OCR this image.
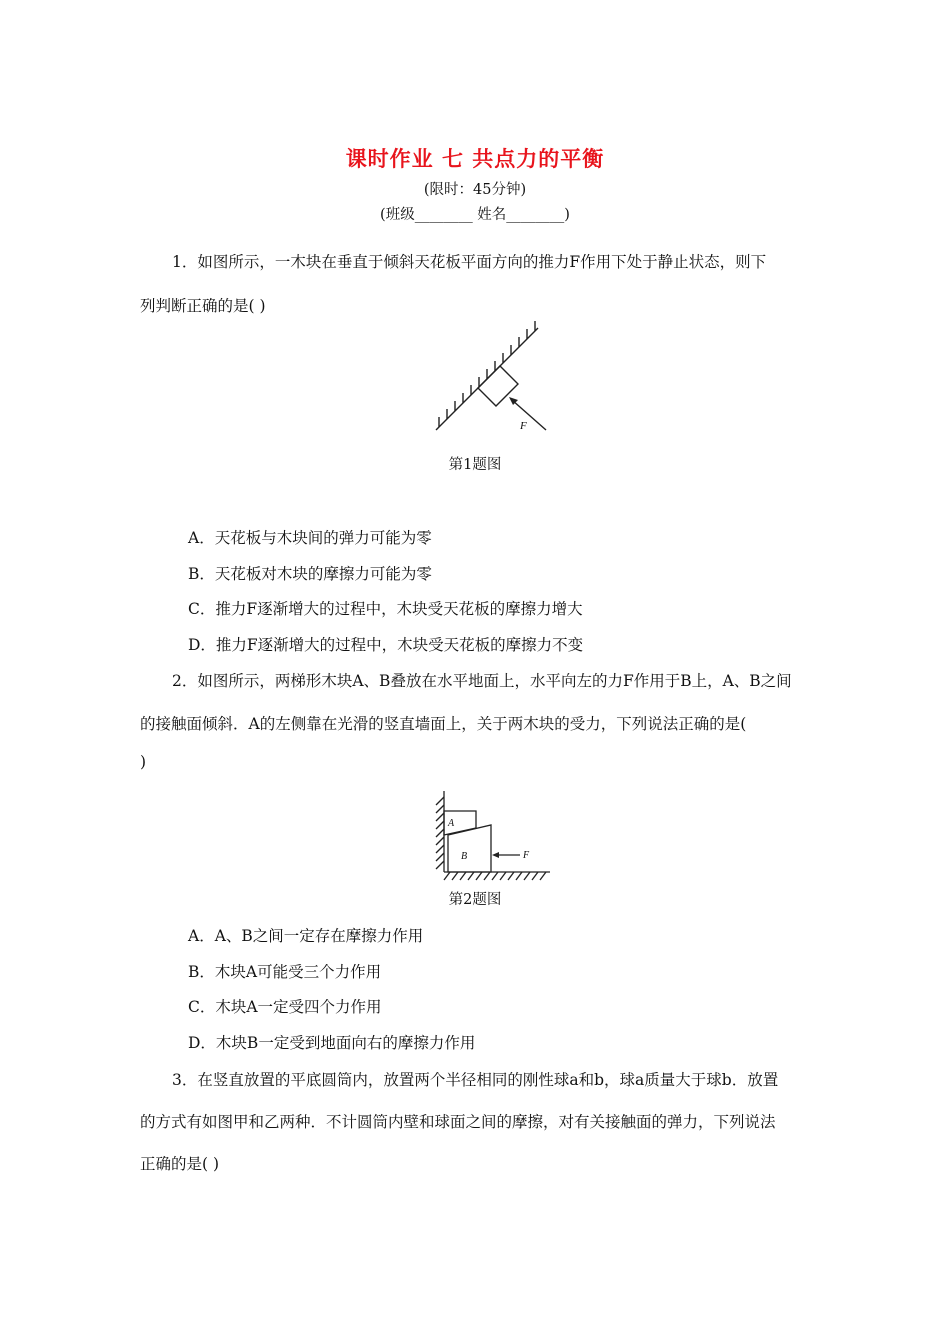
课时作业 七 共点力的平衡
(限时：45分钟)
(班级________ 姓名________)
1．如图所示，一木块在垂直于倾斜天花板平面方向的推力F作用下处于静止状态，则下
列判断正确的是( )
F
第1题图
A．天花板与木块间的弹力可能为零
B．天花板对木块的摩擦力可能为零
C．推力F逐渐增大的过程中，木块受天花板的摩擦力增大
D．推力F逐渐增大的过程中，木块受天花板的摩擦力不变
2．如图所示，两梯形木块A、B叠放在水平地面上，水平向左的力F作用于B上，A、B之间
的接触面倾斜．A的左侧靠在光滑的竖直墙面上，关于两木块的受力，下列说法正确的是(
)
A
B	F
第2题图
A．A、B之间一定存在摩擦力作用
B．木块A可能受三个力作用
C．木块A一定受四个力作用
D．木块B一定受到地面向右的摩擦力作用
3．在竖直放置的平底圆筒内，放置两个半径相同的刚性球a和b，球a质量大于球b．放置
的方式有如图甲和乙两种．不计圆筒内壁和球面之间的摩擦，对有关接触面的弹力，下列说法
正确的是( )
